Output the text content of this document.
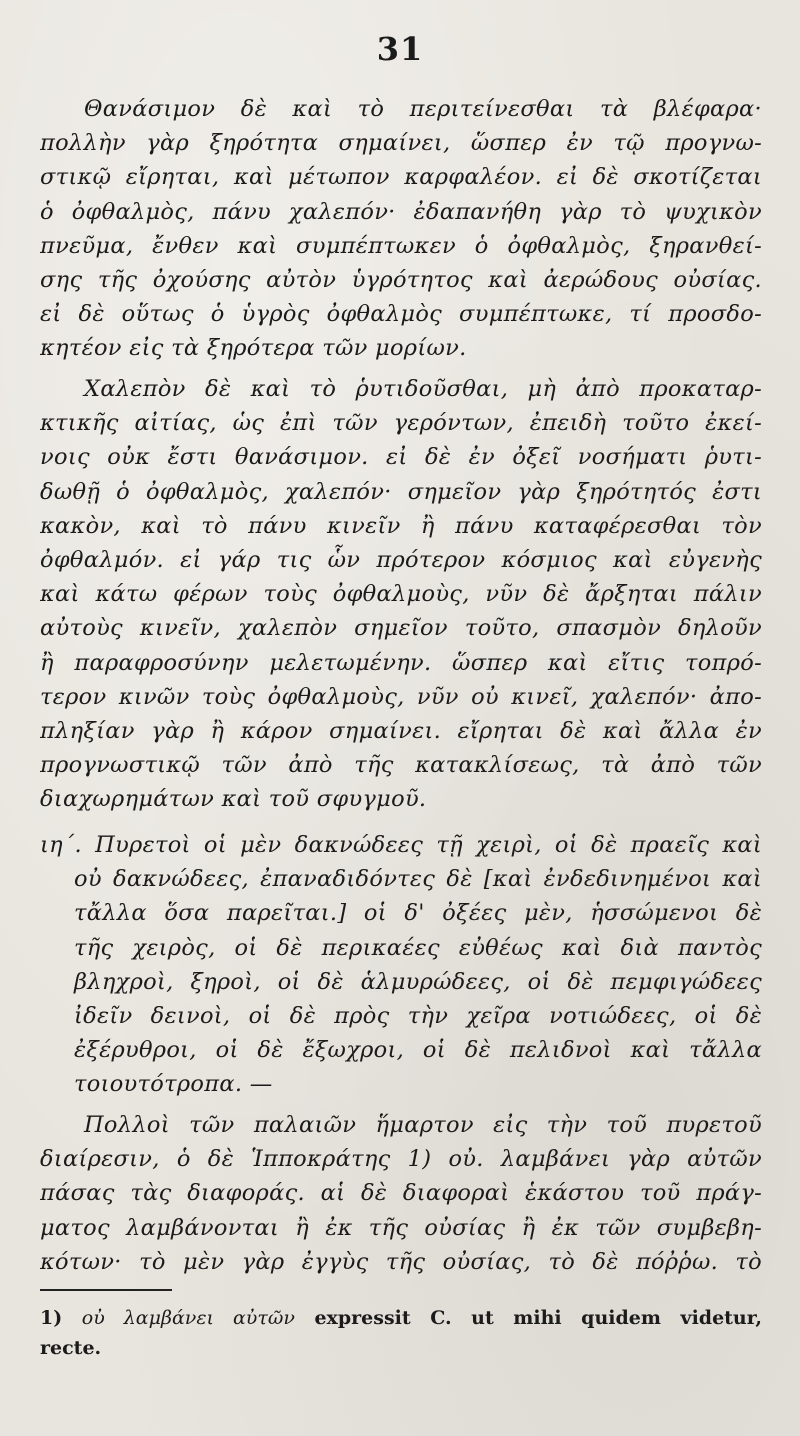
31
Θανάσιμον δὲ καὶ τὸ περιτείνεσθαι τὰ βλέφαρα·
πολλὴν γὰρ ξηρότητα σημαίνει, ὥσπερ ἐν τῷ προγνω-
στικῷ εἴρηται, καὶ μέτωπον καρφαλέον. εἰ δὲ σκοτίζεται
ὁ ὀφθαλμὸς, πάνυ χαλεπόν· ἐδαπανήθη γὰρ τὸ ψυχικὸν
πνεῦμα, ἔνθεν καὶ συμπέπτωκεν ὁ ὀφθαλμὸς, ξηρανθεί-
σης τῆς ὀχούσης αὐτὸν ὑγρότητος καὶ ἀερώδους οὐσίας.
εἰ δὲ οὕτως ὁ ὑγρὸς ὀφθαλμὸς συμπέπτωκε, τί προσδο-
κητέον εἰς τὰ ξηρότερα τῶν μορίων.
Χαλεπὸν δὲ καὶ τὸ ῥυτιδοῦσθαι, μὴ ἀπὸ προκαταρ-
κτικῆς αἰτίας, ὡς ἐπὶ τῶν γερόντων, ἐπειδὴ τοῦτο ἐκεί-
νοις οὐκ ἔστι θανάσιμον. εἰ δὲ ἐν ὀξεῖ νοσήματι ῥυτι-
δωθῇ ὁ ὀφθαλμὸς, χαλεπόν· σημεῖον γὰρ ξηρότητός ἐστι
κακὸν, καὶ τὸ πάνυ κινεῖν ἢ πάνυ καταφέρεσθαι τὸν
ὀφθαλμόν. εἰ γάρ τις ὧν πρότερον κόσμιος καὶ εὐγενὴς
καὶ κάτω φέρων τοὺς ὀφθαλμοὺς, νῦν δὲ ἄρξηται πάλιν
αὐτοὺς κινεῖν, χαλεπὸν σημεῖον τοῦτο, σπασμὸν δηλοῦν
ἢ παραφροσύνην μελετωμένην. ὥσπερ καὶ εἴτις τοπρό-
τερον κινῶν τοὺς ὀφθαλμοὺς, νῦν οὐ κινεῖ, χαλεπόν· ἀπο-
πληξίαν γὰρ ἢ κάρον σημαίνει. εἴρηται δὲ καὶ ἄλλα ἐν
προγνωστικῷ τῶν ἀπὸ τῆς κατακλίσεως, τὰ ἀπὸ τῶν
διαχωρημάτων καὶ τοῦ σφυγμοῦ.
ιη΄. Πυρετοὶ οἱ μὲν δακνώδεες τῇ χειρὶ, οἱ δὲ πραεῖς καὶ
οὐ δακνώδεες, ἐπαναδιδόντες δὲ [καὶ ἐνδεδινημένοι καὶ
τἄλλα ὅσα παρεῖται.] οἱ δ' ὀξέες μὲν, ἡσσώμενοι δὲ
τῆς χειρὸς, οἱ δὲ περικαέες εὐθέως καὶ διὰ παντὸς
βληχροὶ, ξηροὶ, οἱ δὲ ἁλμυρώδεες, οἱ δὲ πεμφιγώδεες
ἰδεῖν δεινοὶ, οἱ δὲ πρὸς τὴν χεῖρα νοτιώδεες, οἱ δὲ
ἐξέρυθροι, οἱ δὲ ἔξωχροι, οἱ δὲ πελιδνοὶ καὶ τἄλλα
τοιουτότροπα. —
Πολλοὶ τῶν παλαιῶν ἥμαρτον εἰς τὴν τοῦ πυρετοῦ
διαίρεσιν, ὁ δὲ Ἱπποκράτης 1) οὐ. λαμβάνει γὰρ αὐτῶν
πάσας τὰς διαφοράς. αἱ δὲ διαφοραὶ ἑκάστου τοῦ πράγ-
ματος λαμβάνονται ἢ ἐκ τῆς οὐσίας ἢ ἐκ τῶν συμβεβη-
κότων· τὸ μὲν γὰρ ἐγγὺς τῆς οὐσίας, τὸ δὲ πόῤῥω. τὸ
1) οὐ λαμβάνει αὐτῶν expressit C. ut mihi quidem videtur,
recte.
